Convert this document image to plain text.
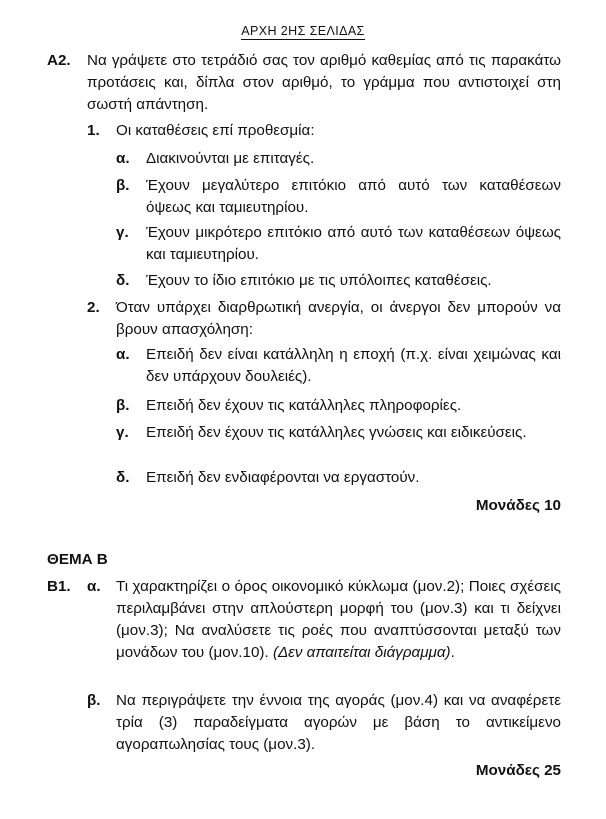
ΑΡΧΗ 2ΗΣ ΣΕΛΙΔΑΣ
Α2. Να γράψετε στο τετράδιό σας τον αριθμό καθεμίας από τις παρακάτω προτάσεις και, δίπλα στον αριθμό, το γράμμα που αντιστοιχεί στη σωστή απάντηση.
1. Οι καταθέσεις επί προθεσμία:
α. Διακινούνται με επιταγές.
β. Έχουν μεγαλύτερο επιτόκιο από αυτό των καταθέσεων όψεως και ταμιευτηρίου.
γ. Έχουν μικρότερο επιτόκιο από αυτό των καταθέσεων όψεως και ταμιευτηρίου.
δ. Έχουν το ίδιο επιτόκιο με τις υπόλοιπες καταθέσεις.
2. Όταν υπάρχει διαρθρωτική ανεργία, οι άνεργοι δεν μπορούν να βρουν απασχόληση:
α. Επειδή δεν είναι κατάλληλη η εποχή (π.χ. είναι χειμώνας και δεν υπάρχουν δουλειές).
β. Επειδή δεν έχουν τις κατάλληλες πληροφορίες.
γ. Επειδή δεν έχουν τις κατάλληλες γνώσεις και ειδικεύσεις.
δ. Επειδή δεν ενδιαφέρονται να εργαστούν.
Μονάδες 10
ΘΕΜΑ Β
Β1. α. Τι χαρακτηρίζει ο όρος οικονομικό κύκλωμα (μον.2); Ποιες σχέσεις περιλαμβάνει στην απλούστερη μορφή του (μον.3) και τι δείχνει (μον.3); Να αναλύσετε τις ροές που αναπτύσσονται μεταξύ των μονάδων του (μον.10). (Δεν απαιτείται διάγραμμα).
β. Να περιγράψετε την έννοια της αγοράς (μον.4) και να αναφέρετε τρία (3) παραδείγματα αγορών με βάση το αντικείμενο αγοραπωλησίας τους (μον.3).
Μονάδες 25
